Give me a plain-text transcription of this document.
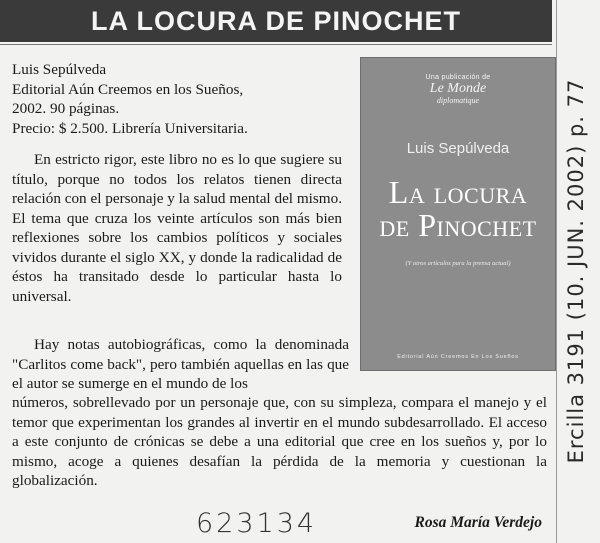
LA LOCURA DE PINOCHET
Luis Sepúlveda
Editorial Aún Creemos en los Sueños,
2002. 90 páginas.
Precio: $ 2.500. Librería Universitaria.
En estricto rigor, este libro no es lo que sugiere su título, porque no todos los relatos tienen directa relación con el personaje y la salud mental del mismo. El tema que cruza los veinte artículos son más bien reflexiones sobre los cambios políticos y sociales vividos durante el siglo XX, y donde la radicalidad de éstos ha transitado desde lo particular hasta lo universal.
Hay notas autobiográficas, como la denominada "Carlitos come back", pero también aquellas en las que el autor se sumerge en el mundo de los
números, sobrellevado por un personaje que, con su simpleza, compara el manejo y el temor que experimentan los grandes al invertir en el mundo subdesarrollado. El acceso a este conjunto de crónicas se debe a una editorial que cree en los sueños y, por lo mismo, acoge a quienes desafían la pérdida de la memoria y cuestionan la globalización.
Una publicación de
Le Monde
diplomatique
Luis Sepúlveda
La locura
de Pinochet
(Y otros artículos para la prensa actual)
Editorial Aún Creemos En Los Sueños	Ercilla 3191 (10. JUN. 2002) p. 77
623134	Rosa María Verdejo
